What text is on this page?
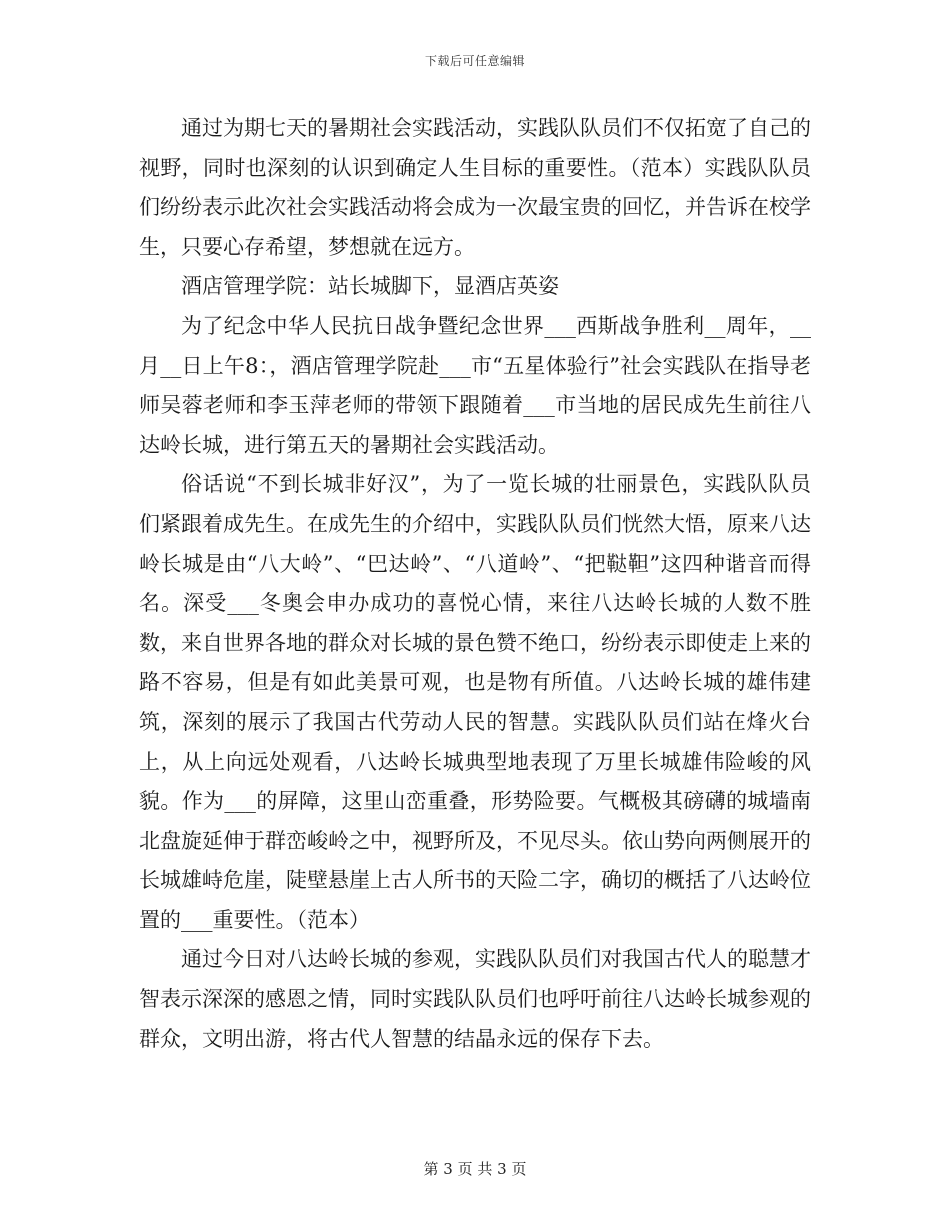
下载后可任意编辑

通过为期七天的暑期社会实践活动，实践队队员们不仅拓宽了自己的视野，同时也深刻的认识到确定人生目标的重要性。（范本）实践队队员们纷纷表示此次社会实践活动将会成为一次最宝贵的回忆，并告诉在校学生，只要心存希望，梦想就在远方。

酒店管理学院：站长城脚下，显酒店英姿

为了纪念中华人民抗日战争暨纪念世界___西斯战争胜利__周年，__月__日上午8：，酒店管理学院赴___市“五星体验行”社会实践队在指导老师吴蓉老师和李玉萍老师的带领下跟随着___市当地的居民成先生前往八达岭长城，进行第五天的暑期社会实践活动。

俗话说“不到长城非好汉”，为了一览长城的壮丽景色，实践队队员们紧跟着成先生。在成先生的介绍中，实践队队员们恍然大悟，原来八达岭长城是由“八大岭”、“巴达岭”、“八道岭”、“把鞑靼”这四种谐音而得名。深受___冬奥会申办成功的喜悦心情，来往八达岭长城的人数不胜数，来自世界各地的群众对长城的景色赞不绝口，纷纷表示即使走上来的路不容易，但是有如此美景可观，也是物有所值。八达岭长城的雄伟建筑，深刻的展示了我国古代劳动人民的智慧。实践队队员们站在烽火台上，从上向远处观看，八达岭长城典型地表现了万里长城雄伟险峻的风貌。作为___的屏障，这里山峦重叠，形势险要。气概极其磅礴的城墙南北盘旋延伸于群峦峻岭之中，视野所及，不见尽头。依山势向两侧展开的长城雄峙危崖，陡壁悬崖上古人所书的天险二字，确切的概括了八达岭位置的___重要性。（范本）

通过今日对八达岭长城的参观，实践队队员们对我国古代人的聪慧才智表示深深的感恩之情，同时实践队队员们也呼吁前往八达岭长城参观的群众，文明出游，将古代人智慧的结晶永远的保存下去。

第 3 页 共 3 页
